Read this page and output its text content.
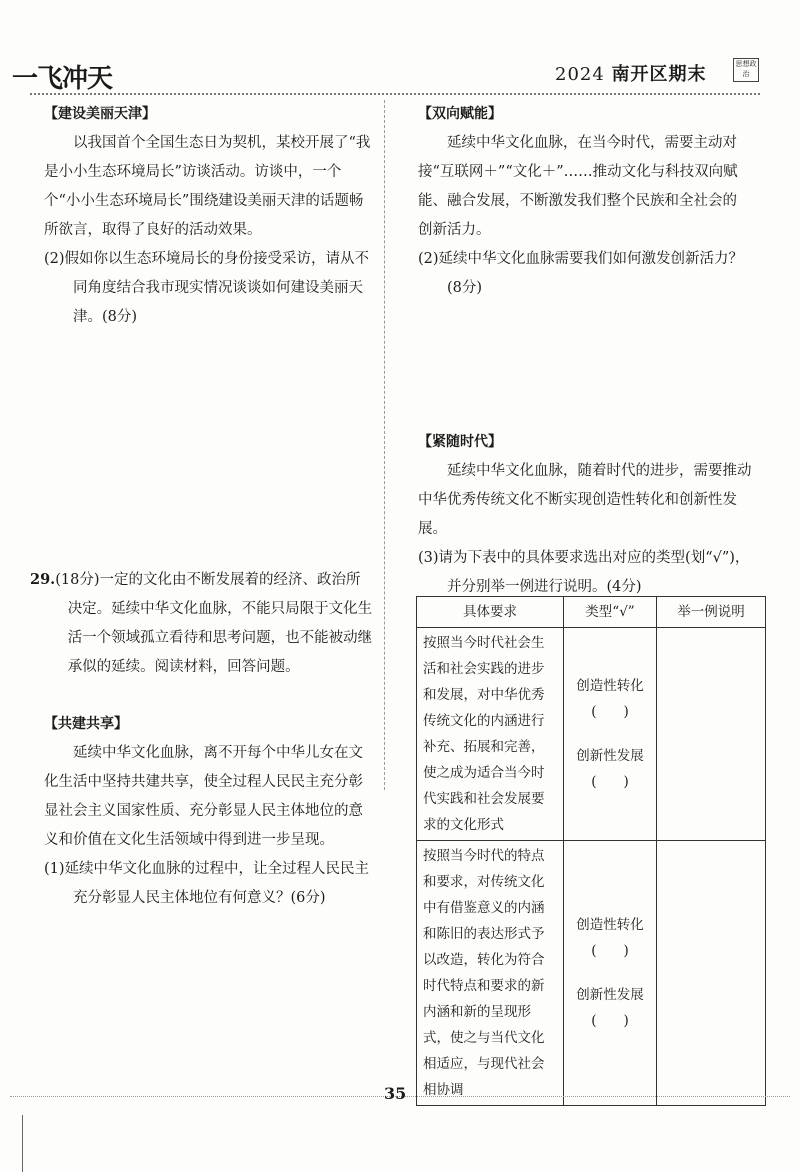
一飞冲天	2024 南开区期末	思想政治
【建设美丽天津】

以我国首个全国生态日为契机，某校开展了“我是小小生态环境局长”访谈活动。访谈中，一个个“小小生态环境局长”围绕建设美丽天津的话题畅所欲言，取得了良好的活动效果。

(2)假如你以生态环境局长的身份接受采访，请从不同角度结合我市现实情况谈谈如何建设美丽天津。(8分)

29.(18分)一定的文化由不断发展着的经济、政治所决定。延续中华文化血脉，不能只局限于文化生活一个领域孤立看待和思考问题，也不能被动继承似的延续。阅读材料，回答问题。

【共建共享】

延续中华文化血脉，离不开每个中华儿女在文化生活中坚持共建共享，使全过程人民民主充分彰显社会主义国家性质、充分彰显人民主体地位的意义和价值在文化生活领域中得到进一步呈现。

(1)延续中华文化血脉的过程中，让全过程人民民主充分彰显人民主体地位有何意义？(6分)

【双向赋能】

延续中华文化血脉，在当今时代，需要主动对接“互联网＋”“文化＋”……推动文化与科技双向赋能、融合发展，不断激发我们整个民族和全社会的创新活力。

(2)延续中华文化血脉需要我们如何激发创新活力？(8分)

【紧随时代】

延续中华文化血脉，随着时代的进步，需要推动中华优秀传统文化不断实现创造性转化和创新性发展。

(3)请为下表中的具体要求选出对应的类型(划“√”)，并分别举一例进行说明。(4分)

具体要求	类型“√”	举一例说明
按照当今时代社会生活和社会实践的进步和发展，对中华优秀传统文化的内涵进行补充、拓展和完善，使之成为适合当今时代实践和社会发展要求的文化形式	创造性转化
(　　)
创新性发展
(　　)	

按照当今时代的特点和要求，对传统文化中有借鉴意义的内涵和陈旧的表达形式予以改造，转化为符合时代特点和要求的新内涵和新的呈现形式，使之与当代文化相适应，与现代社会相协调	创造性转化
(　　)
创新性发展
(　　)	

35
